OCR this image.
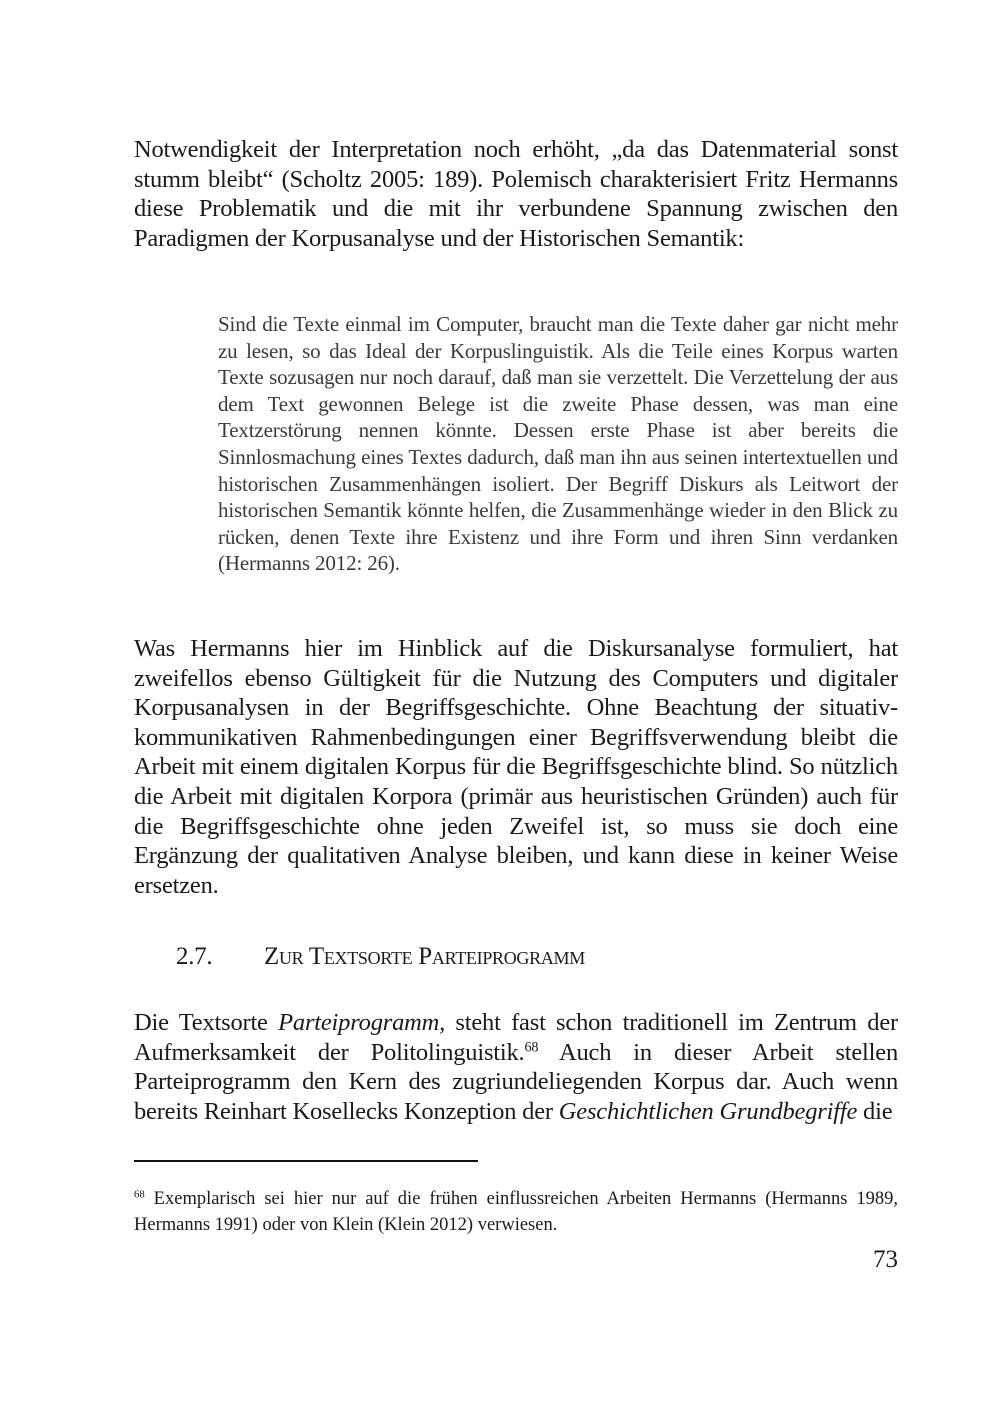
Notwendigkeit der Interpretation noch erhöht, „da das Datenmaterial sonst stumm bleibt“ (Scholtz 2005: 189). Polemisch charakterisiert Fritz Hermanns diese Problematik und die mit ihr verbundene Spannung zwischen den Paradigmen der Korpusanalyse und der Historischen Semantik:

Sind die Texte einmal im Computer, braucht man die Texte daher gar nicht mehr zu lesen, so das Ideal der Korpuslinguistik. Als die Teile eines Korpus warten Texte sozusagen nur noch darauf, daß man sie verzettelt. Die Verzettelung der aus dem Text gewonnen Belege ist die zweite Phase dessen, was man eine Textzerstörung nennen könnte. Dessen erste Phase ist aber bereits die Sinnlosmachung eines Textes dadurch, daß man ihn aus seinen intertextuellen und historischen Zusammenhängen isoliert. Der Begriff Diskurs als Leitwort der historischen Semantik könnte helfen, die Zusammenhänge wieder in den Blick zu rücken, denen Texte ihre Existenz und ihre Form und ihren Sinn verdanken (Hermanns 2012: 26).

Was Hermanns hier im Hinblick auf die Diskursanalyse formuliert, hat zweifellos ebenso Gültigkeit für die Nutzung des Computers und digitaler Korpusanalysen in der Begriffsgeschichte. Ohne Beachtung der situativ-kommunikativen Rahmenbedingungen einer Begriffsverwendung bleibt die Arbeit mit einem digitalen Korpus für die Begriffsgeschichte blind. So nützlich die Arbeit mit digitalen Korpora (primär aus heuristischen Gründen) auch für die Begriffsgeschichte ohne jeden Zweifel ist, so muss sie doch eine Ergänzung der qualitativen Analyse bleiben, und kann diese in keiner Weise ersetzen.

2.7. Zur Textsorte Parteiprogramm

Die Textsorte Parteiprogramm, steht fast schon traditionell im Zentrum der Aufmerksamkeit der Politolinguistik.$^{68}$ Auch in dieser Arbeit stellen Parteiprogramm den Kern des zugriundeliegenden Korpus dar. Auch wenn bereits Reinhart Kosellecks Konzeption der Geschichtlichen Grundbegriffe die

$^{68}$ Exemplarisch sei hier nur auf die frühen einflussreichen Arbeiten Hermanns (Hermanns 1989, Hermanns 1991) oder von Klein (Klein 2012) verwiesen.

73
